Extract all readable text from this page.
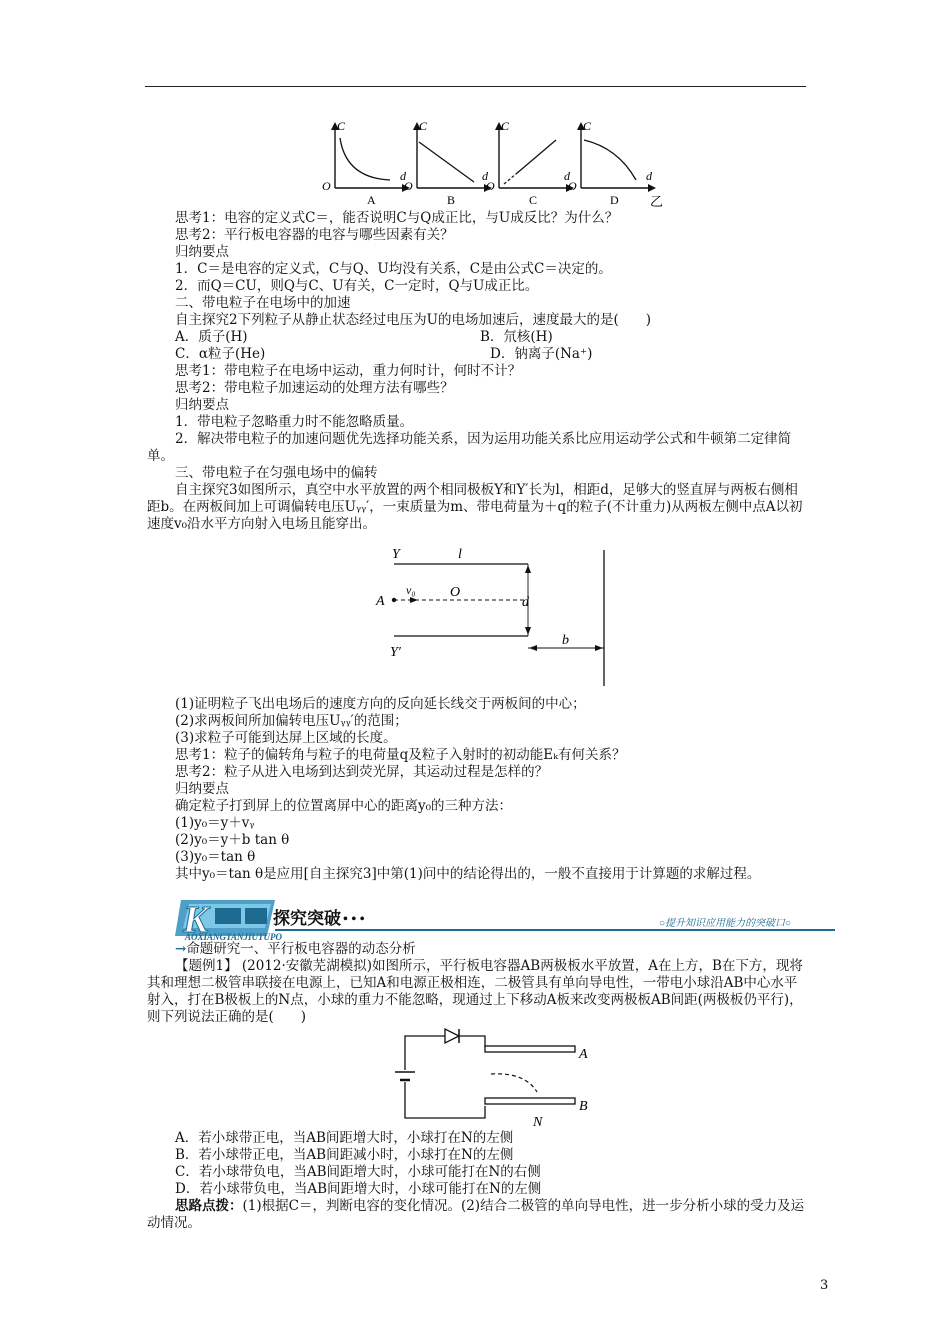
C
O
d
A
C
O
d
B
C
O
d
C
C
O
d
D 乙
思考1：电容的定义式C＝，能否说明C与Q成正比，与U成反比？为什么？
思考2：平行板电容器的电容与哪些因素有关？
归纳要点
1．C＝是电容的定义式，C与Q、U均没有关系，C是由公式C＝决定的。
2．而Q＝CU，则Q与C、U有关，C一定时，Q与U成正比。
二、带电粒子在电场中的加速
自主探究2下列粒子从静止状态经过电压为U的电场加速后，速度最大的是(　　)
A．质子(H)	B．氘核(H)
C．α粒子(He)	D．钠离子(Na⁺)
思考1：带电粒子在电场中运动，重力何时计，何时不计？
思考2：带电粒子加速运动的处理方法有哪些？
归纳要点
1．带电粒子忽略重力时不能忽略质量。
2．解决带电粒子的加速问题优先选择功能关系，因为运用功能关系比应用运动学公式和牛顿第二定律简单。
三、带电粒子在匀强电场中的偏转
自主探究3如图所示，真空中水平放置的两个相同极板Y和Y′长为l，相距d，足够大的竖直屏与两板右侧相距b。在两板间加上可调偏转电压Uᵧᵧ′，一束质量为m、带电荷量为＋q的粒子(不计重力)从两板左侧中点A以初速度v₀沿水平方向射入电场且能穿出。
Y	l
A
v₀ O
d
Y′
b
(1)证明粒子飞出电场后的速度方向的反向延长线交于两板间的中心；
(2)求两板间所加偏转电压Uᵧᵧ′的范围；
(3)求粒子可能到达屏上区域的长度。
思考1：粒子的偏转角与粒子的电荷量q及粒子入射时的初动能Eₖ有何关系？
思考2：粒子从进入电场到达到荧光屏，其运动过程是怎样的？
归纳要点
确定粒子打到屏上的位置离屏中心的距离y₀的三种方法：
(1)y₀＝y＋vᵧ
(2)y₀＝y＋b tan θ
(3)y₀＝tan θ
其中y₀＝tan θ是应用[自主探究3]中第(1)问中的结论得出的，一般不直接用于计算题的求解过程。
K	探究突破 • • •
AOXIANGTANJIUTUPO
○提升知识应用能力的突破口○
→命题研究一、平行板电容器的动态分析
【题例1】 (2012·安徽芜湖模拟)如图所示，平行板电容器AB两极板水平放置，A在上方，B在下方，现将其和理想二极管串联接在电源上，已知A和电源正极相连，二极管具有单向导电性，一带电小球沿AB中心水平射入，打在B极板上的N点，小球的重力不能忽略，现通过上下移动A板来改变两极板AB间距(两极板仍平行)，则下列说法正确的是(　　)
A
B
N
A．若小球带正电，当AB间距增大时，小球打在N的左侧
B．若小球带正电，当AB间距减小时，小球打在N的左侧
C．若小球带负电，当AB间距增大时，小球可能打在N的右侧
D．若小球带负电，当AB间距增大时，小球可能打在N的左侧
思路点拨：(1)根据C＝，判断电容的变化情况。(2)结合二极管的单向导电性，进一步分析小球的受力及运动情况。
3
